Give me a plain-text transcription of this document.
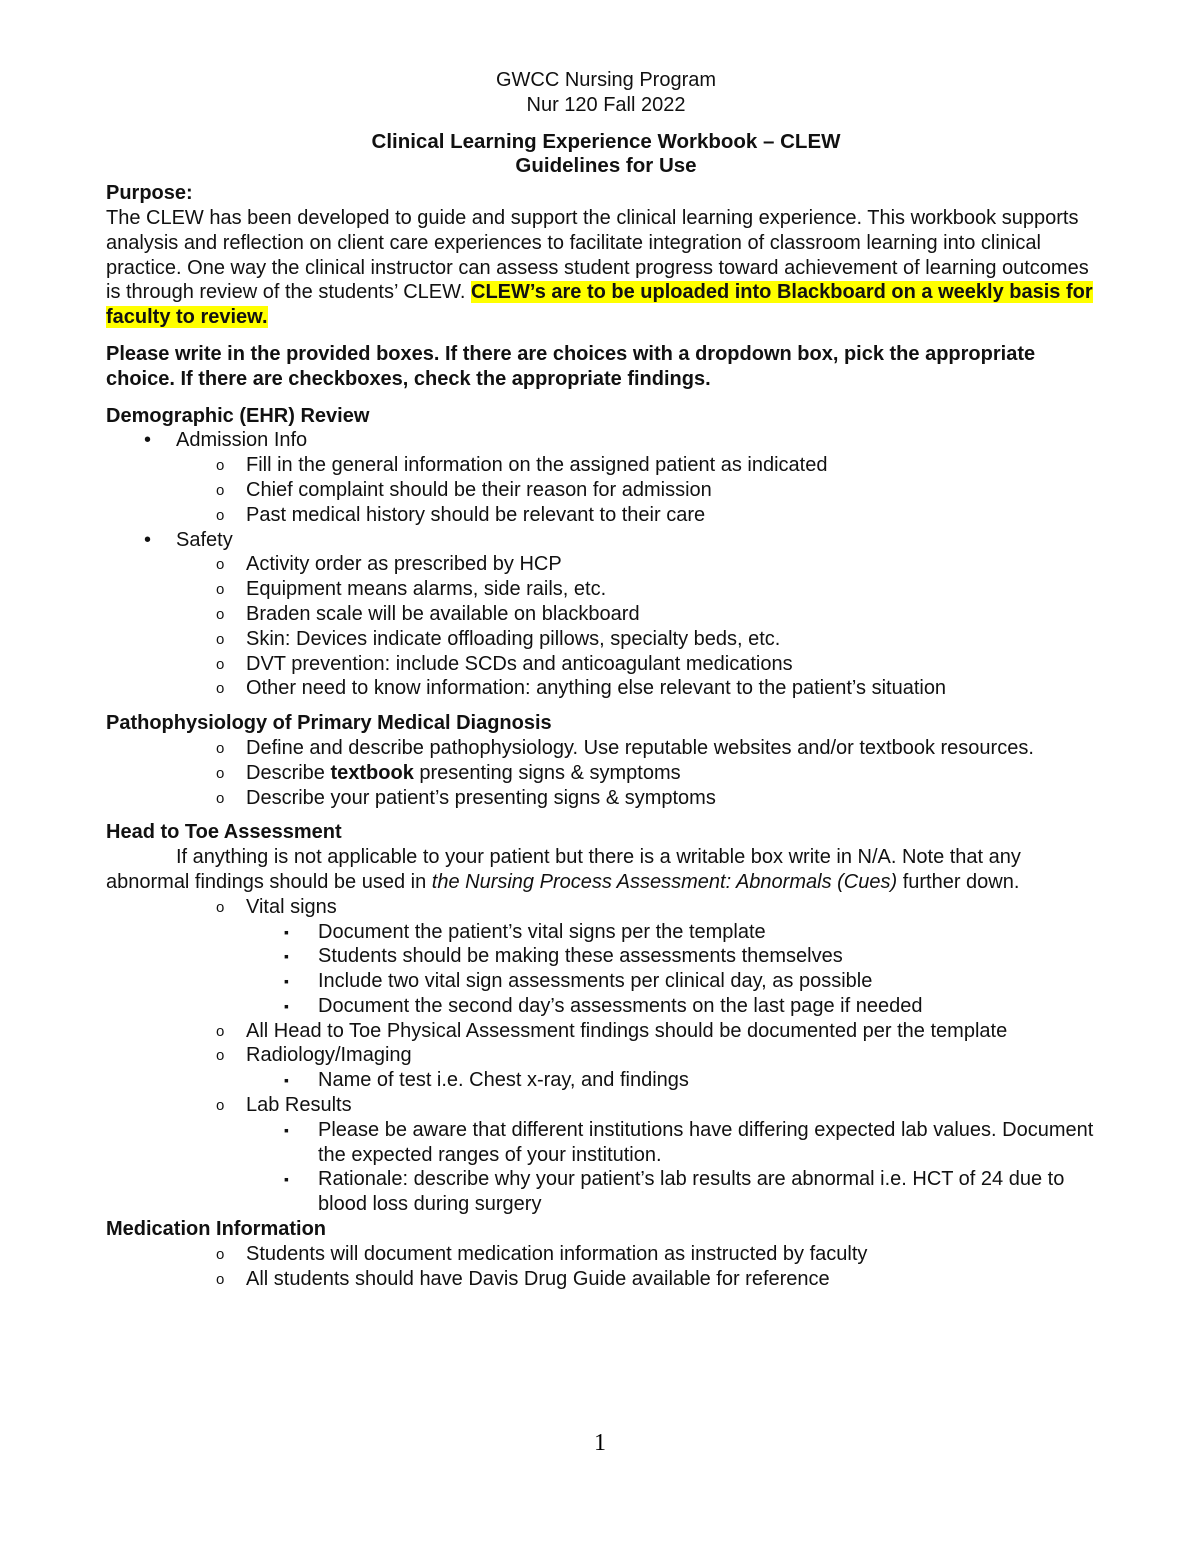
GWCC Nursing Program
Nur 120 Fall 2022
Clinical Learning Experience Workbook – CLEW
Guidelines for Use
Purpose:

The CLEW has been developed to guide and support the clinical learning experience. This workbook supports analysis and reflection on client care experiences to facilitate integration of classroom learning into clinical practice. One way the clinical instructor can assess student progress toward achievement of learning outcomes is through review of the students’ CLEW. CLEW’s are to be uploaded into Blackboard on a weekly basis for faculty to review.

Please write in the provided boxes. If there are choices with a dropdown box, pick the appropriate choice. If there are checkboxes, check the appropriate findings.

Demographic (EHR) Review
• Admission Info
o Fill in the general information on the assigned patient as indicated
o Chief complaint should be their reason for admission
o Past medical history should be relevant to their care
• Safety
o Activity order as prescribed by HCP
o Equipment means alarms, side rails, etc.
o Braden scale will be available on blackboard
o Skin: Devices indicate offloading pillows, specialty beds, etc.
o DVT prevention: include SCDs and anticoagulant medications
o Other need to know information: anything else relevant to the patient’s situation
Pathophysiology of Primary Medical Diagnosis
o Define and describe pathophysiology. Use reputable websites and/or textbook resources.
o Describe textbook presenting signs & symptoms
o Describe your patient’s presenting signs & symptoms
Head to Toe Assessment

If anything is not applicable to your patient but there is a writable box write in N/A. Note that any abnormal findings should be used in the Nursing Process Assessment: Abnormals (Cues) further down.

o Vital signs
▪ Document the patient’s vital signs per the template
▪ Students should be making these assessments themselves
▪ Include two vital sign assessments per clinical day, as possible
▪ Document the second day’s assessments on the last page if needed
o All Head to Toe Physical Assessment findings should be documented per the template
o Radiology/Imaging
▪ Name of test i.e. Chest x-ray, and findings
o Lab Results
▪ Please be aware that different institutions have differing expected lab values. Document the expected ranges of your institution.
▪ Rationale: describe why your patient’s lab results are abnormal i.e. HCT of 24 due to blood loss during surgery
Medication Information
o Students will document medication information as instructed by faculty
o All students should have Davis Drug Guide available for reference
1
